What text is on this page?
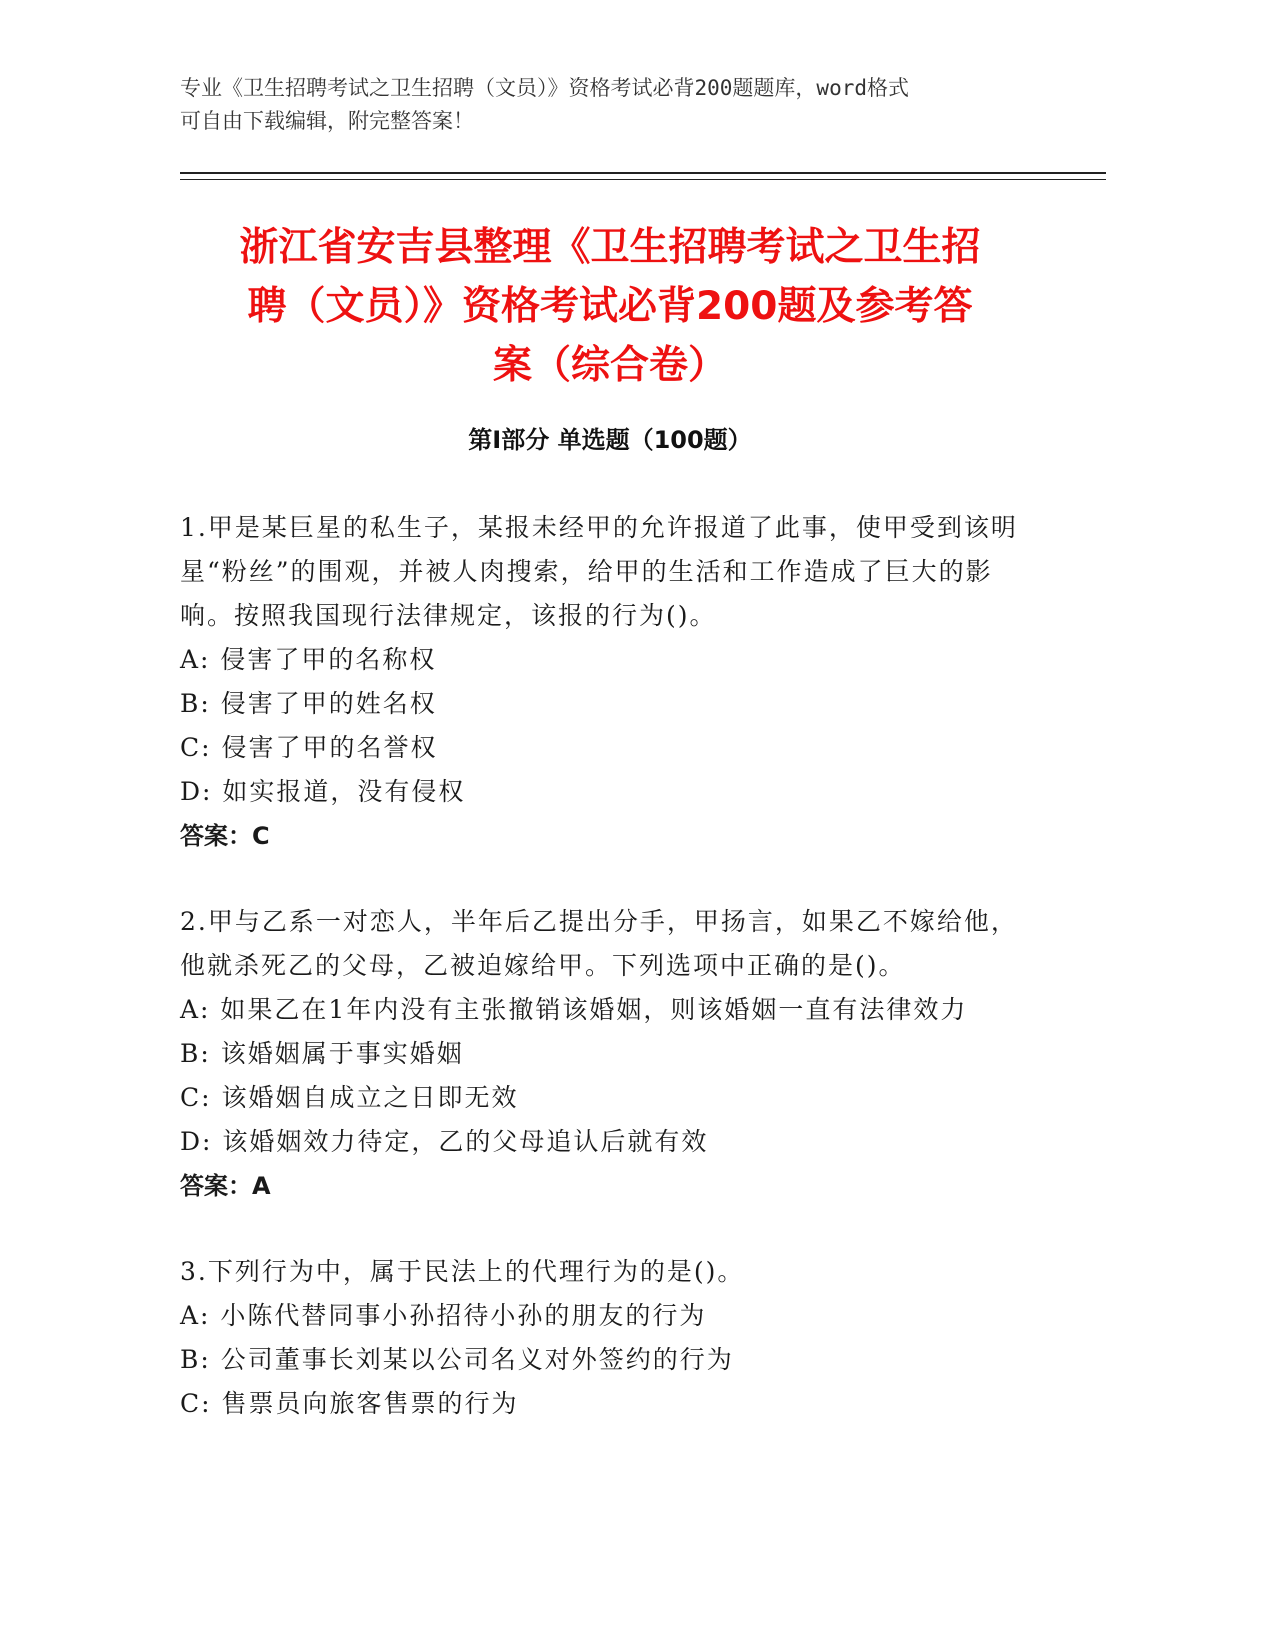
专业《卫生招聘考试之卫生招聘（文员）》资格考试必背200题题库，word格式
可自由下载编辑，附完整答案！
浙江省安吉县整理《卫生招聘考试之卫生招
聘（文员）》资格考试必背200题及参考答
案（综合卷）
第Ⅰ部分 单选题（100题）
1.甲是某巨星的私生子，某报未经甲的允许报道了此事，使甲受到该明星“粉丝”的围观，并被人肉搜索，给甲的生活和工作造成了巨大的影响。按照我国现行法律规定，该报的行为()。
A: 侵害了甲的名称权
B: 侵害了甲的姓名权
C: 侵害了甲的名誉权
D: 如实报道，没有侵权
答案：C
2.甲与乙系一对恋人，半年后乙提出分手，甲扬言，如果乙不嫁给他，他就杀死乙的父母，乙被迫嫁给甲。下列选项中正确的是()。
A: 如果乙在1年内没有主张撤销该婚姻，则该婚姻一直有法律效力
B: 该婚姻属于事实婚姻
C: 该婚姻自成立之日即无效
D: 该婚姻效力待定，乙的父母追认后就有效
答案：A
3.下列行为中，属于民法上的代理行为的是()。
A: 小陈代替同事小孙招待小孙的朋友的行为
B: 公司董事长刘某以公司名义对外签约的行为
C: 售票员向旅客售票的行为
